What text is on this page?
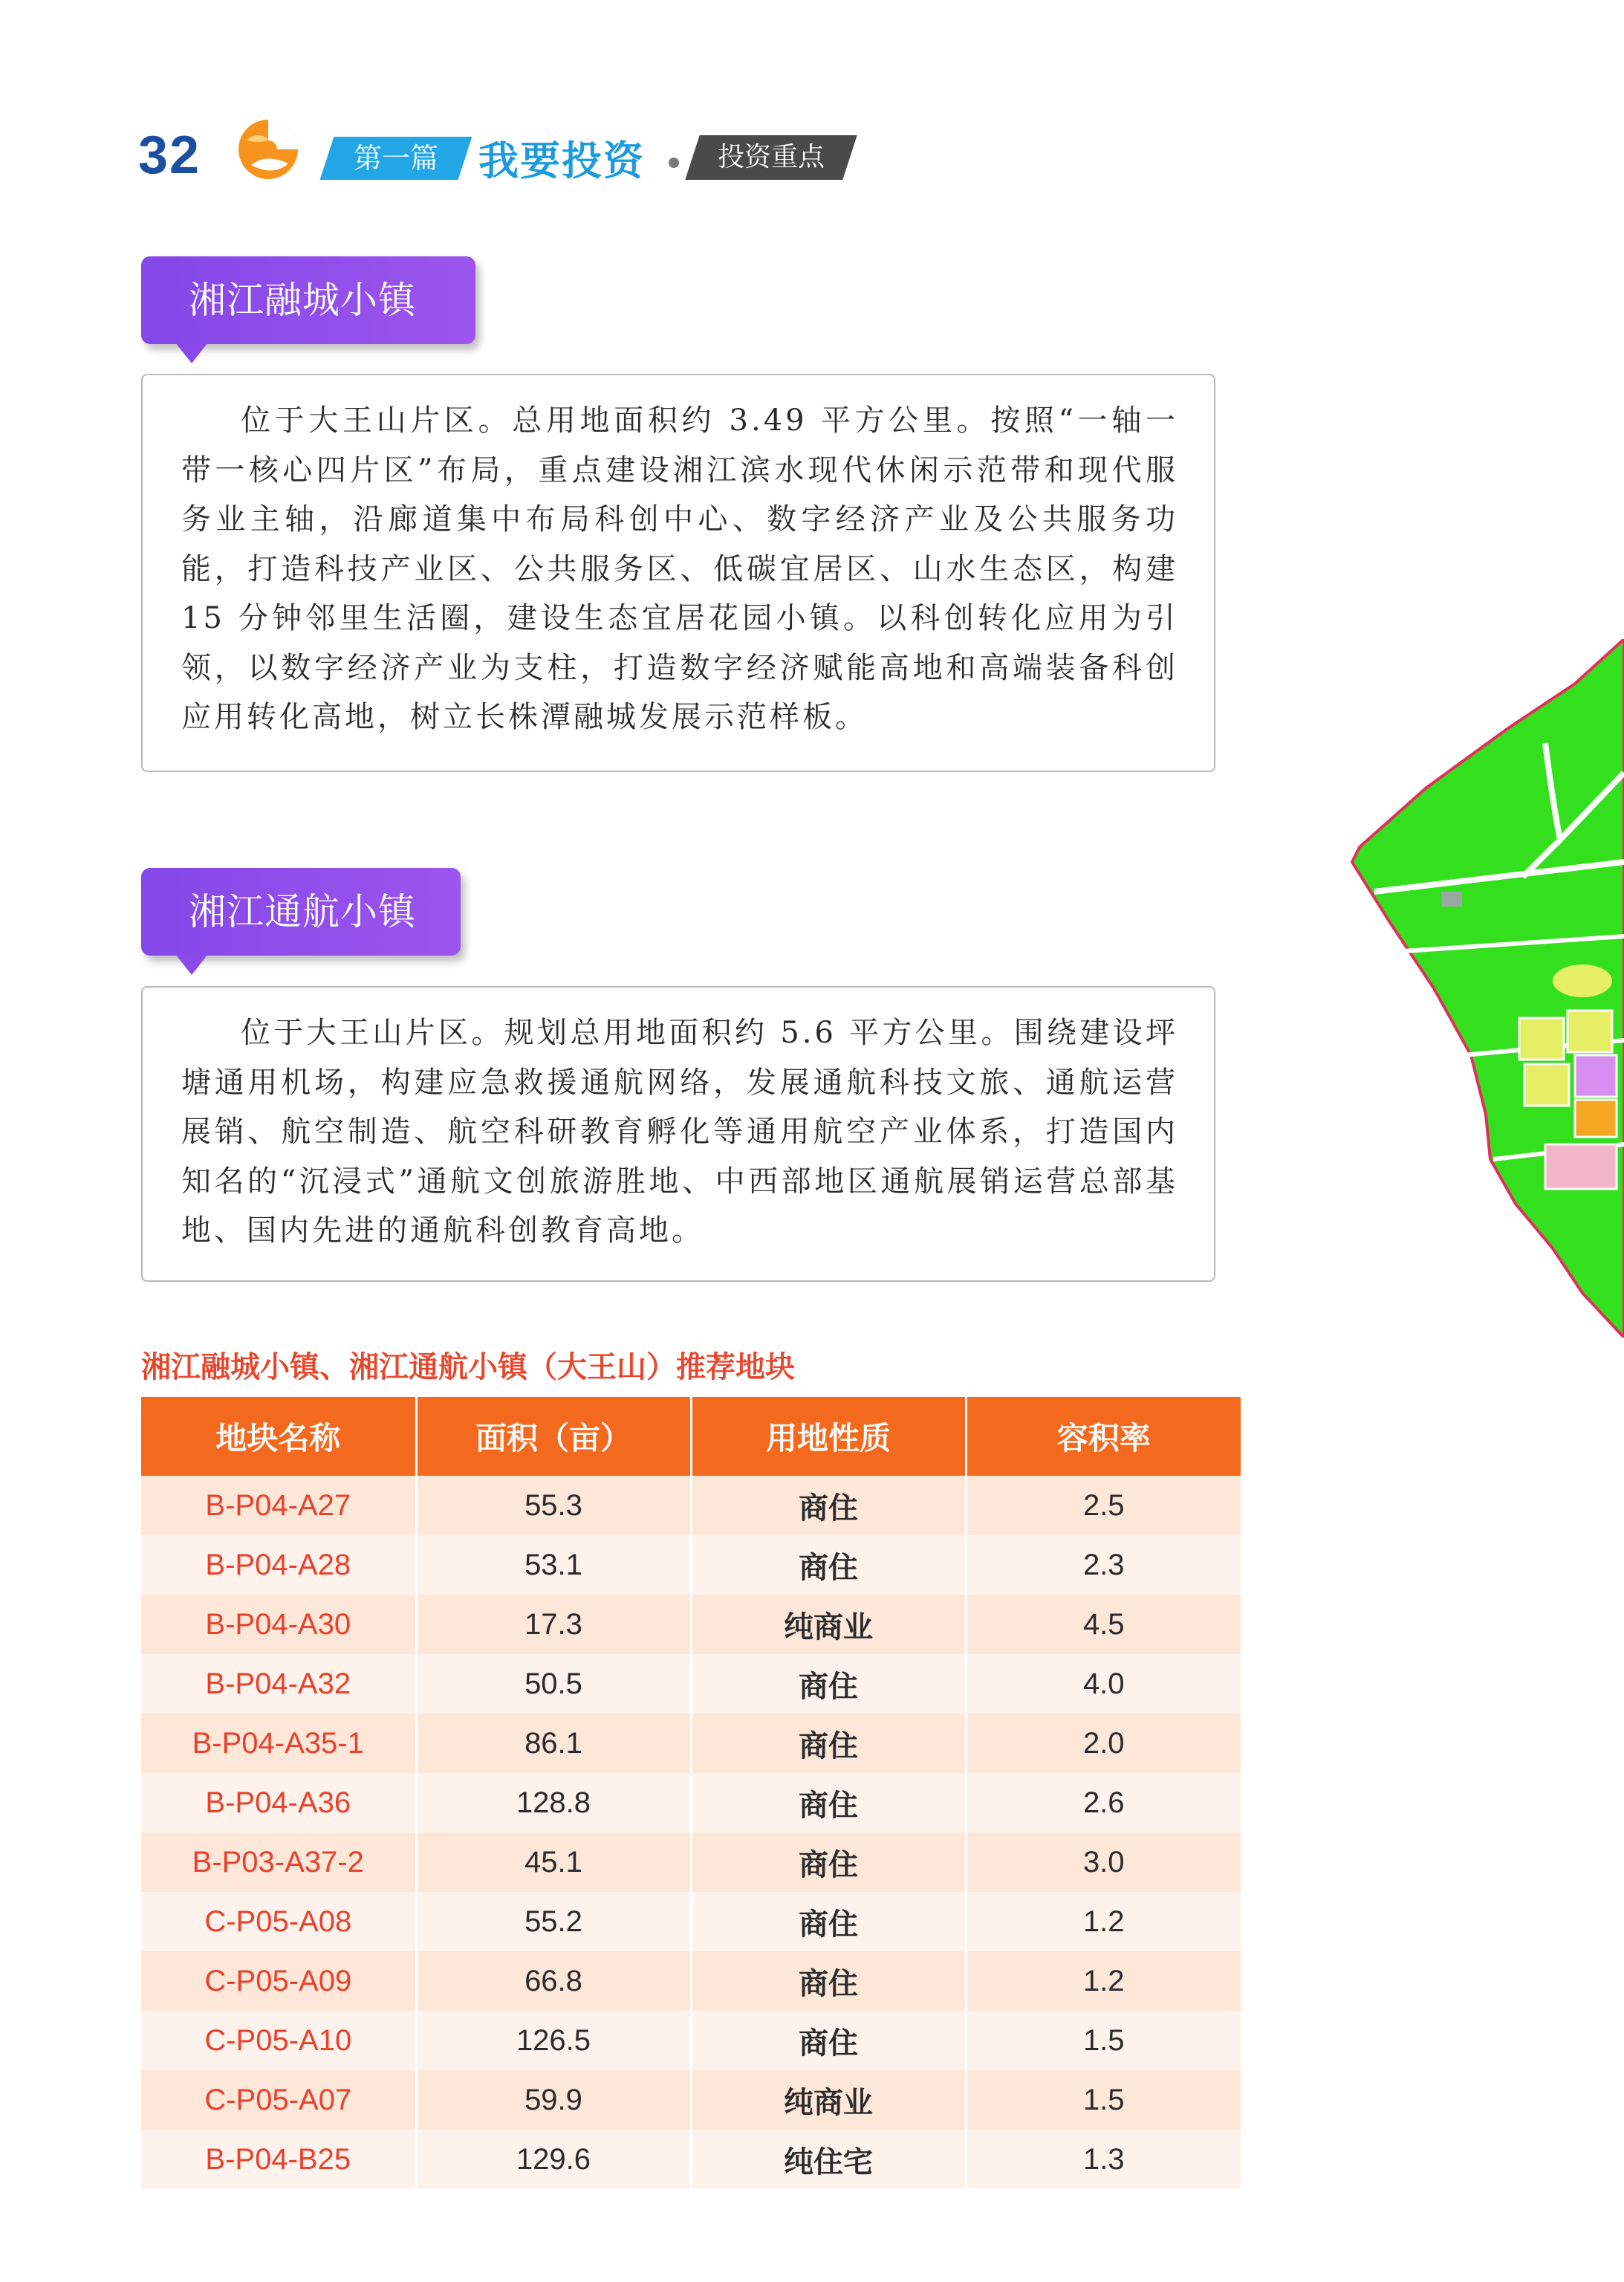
32	第一篇	我要投资	投资重点
湘江融城小镇

位于大王山片区。总用地面积约 3.49 平方公里。按照“一轴一带一核心四片区”布局，重点建设湘江滨水现代休闲示范带和现代服务业主轴，沿廊道集中布局科创中心、数字经济产业及公共服务功能，打造科技产业区、公共服务区、低碳宜居区、山水生态区，构建 15 分钟邻里生活圈，建设生态宜居花园小镇。以科创转化应用为引领，以数字经济产业为支柱，打造数字经济赋能高地和高端装备科创应用转化高地，树立长株潭融城发展示范样板。

湘江通航小镇

位于大王山片区。规划总用地面积约 5.6 平方公里。围绕建设坪塘通用机场，构建应急救援通航网络，发展通航科技文旅、通航运营展销、航空制造、航空科研教育孵化等通用航空产业体系，打造国内知名的“沉浸式”通航文创旅游胜地、中西部地区通航展销运营总部基地、国内先进的通航科创教育高地。

湘江融城小镇、湘江通航小镇（大王山）推荐地块
地块名称	面积（亩）	用地性质	容积率
B-P04-A27	55.3	商住	2.5
B-P04-A28	53.1	商住	2.3
B-P04-A30	17.3	纯商业	4.5
B-P04-A32	50.5	商住	4.0
B-P04-A35-1	86.1	商住	2.0
B-P04-A36	128.8	商住	2.6
B-P03-A37-2	45.1	商住	3.0
C-P05-A08	55.2	商住	1.2
C-P05-A09	66.8	商住	1.2
C-P05-A10	126.5	商住	1.5
C-P05-A07	59.9	纯商业	1.5
B-P04-B25	129.6	纯住宅	1.3
